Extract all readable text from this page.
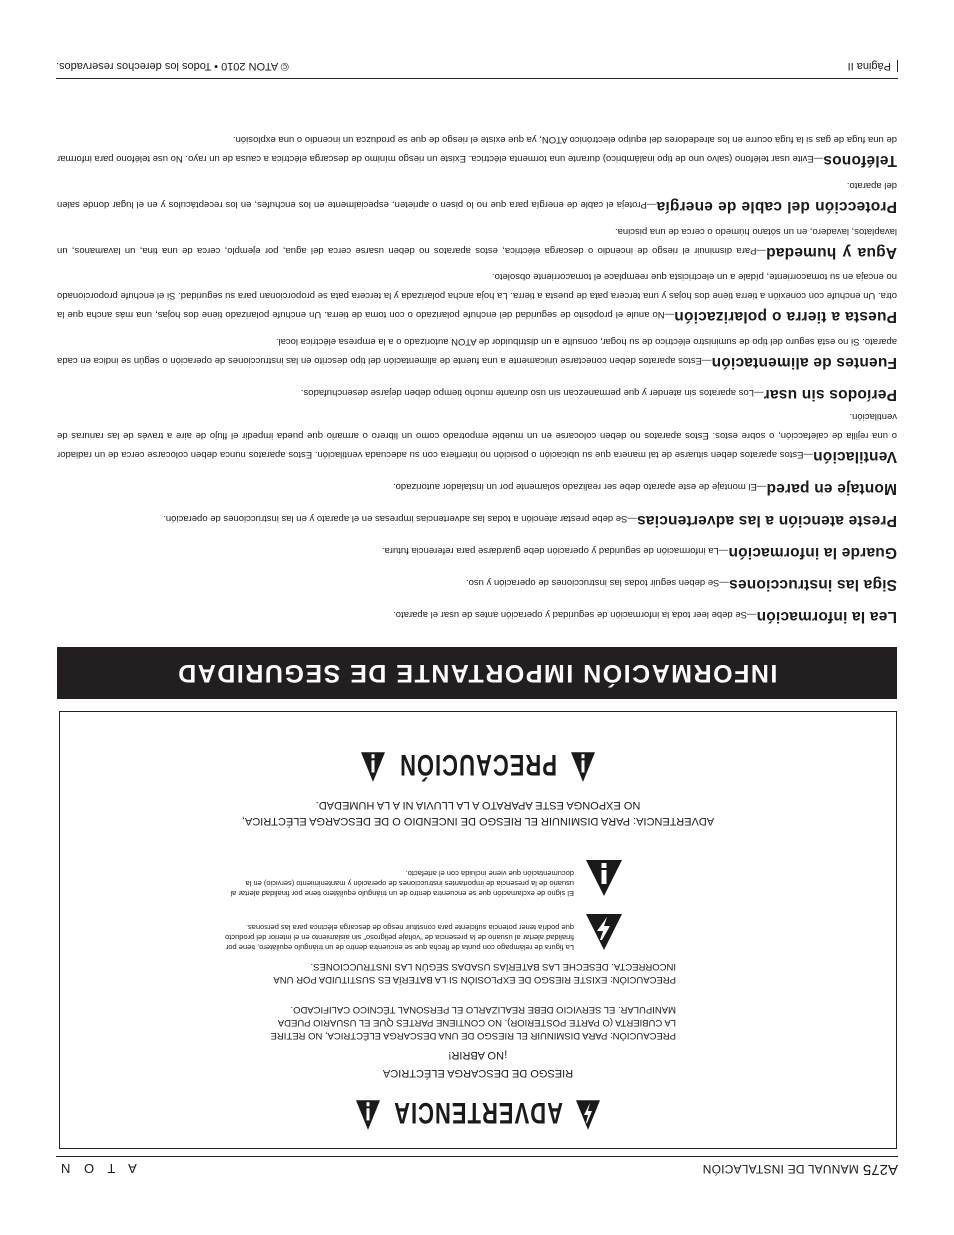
A275 MANUAL DE INSTALACIÓN
A T O N
ADVERTENCIA
RIESGO DE DESCARGA ELÉCTRICA
¡NO ABRIR!
PRECAUCIÓN: PARA DISMINUIR EL RIESGO DE UNA DESCARGA ELÉCTRICA, NO RETIRE
LA CUBIERTA (O PARTE POSTERIOR). NO CONTIENE PARTES QUE EL USUARIO PUEDA
MANIPULAR. EL SERVICIO DEBE REALIZARLO EL PERSONAL TÉCNICO CALIFICADO.
PRECAUCIÓN: EXISTE RIESGO DE EXPLOSIÓN SI LA BATERÍA ES SUSTITUIDA POR UNA
INCORRECTA. DESECHE LAS BATERÍAS USADAS SEGÚN LAS INSTRUCCIONES.

La figura de relámpago con punta de flecha que se encuentra dentro de un triángulo equilátero, tiene por
finalidad alertar al usuario de la presencia de “voltaje peligroso” sin aislamiento en el interior del producto
que podría tener potencia suficiente para constituir riesgo de descarga eléctrica para las personas.

El signo de exclamación que se encuentra dentro de un triángulo equilátero tiene por finalidad alertar al
usuario de la presencia de importantes instrucciones de operación y mantenimiento (servicio) en la
documentación que viene incluida con el artefacto.

ADVERTENCIA: PARA DISMINUIR EL RIESGO DE INCENDIO O DE DESCARGA ELÉCTRICA,
NO EXPONGA ESTE APARATO A LA LLUVIA NI A LA HUMEDAD.
PRECAUCIÓN
INFORMACIÓN IMPORTANTE DE SEGURIDAD

Lea la información—Se debe leer toda la información de seguridad y operación antes de usar el aparato.

Siga las instrucciones—Se deben seguir todas las instrucciones de operación y uso.

Guarde la información—La información de seguridad y operación debe guardarse para referencia futura.

Preste atención a las advertencias—Se debe prestar atención a todas las advertencias impresas en el aparato y en las instrucciones de operación.

Montaje en pared—El montaje de este aparato debe ser realizado solamente por un instalador autorizado.

Ventilación—Estos aparatos deben situarse de tal manera que su ubicación o posición no interfiera con su adecuada ventilación. Estos aparatos nunca deben colocarse cerca de un radiador o una rejilla de calefacción, o sobre estos. Estos aparatos no deben colocarse en un mueble empotrado como un librero o armario que pueda impedir el flujo de aire a través de las ranuras de ventilación.

Períodos sin usar—Los aparatos sin atender y que permanezcan sin uso durante mucho tiempo deben dejarse desenchufados.

Fuentes de alimentación—Estos aparatos deben conectarse únicamente a una fuente de alimentación del tipo descrito en las instrucciones de operación o según se indica en cada aparato. Si no está seguro del tipo de suministro eléctrico de su hogar, consulte a un distribuidor de ATON autorizado o a la empresa eléctrica local.

Puesta a tierra o polarización—No anule el propósito de seguridad del enchufe polarizado o con toma de tierra. Un enchufe polarizado tiene dos hojas, una más ancha que la otra. Un enchufe con conexión a tierra tiene dos hojas y una tercera pata de puesta a tierra. La hoja ancha polarizada y la tercera pata se proporcionan para su seguridad. Si el enchufe proporcionado no encaja en su tomacorriente, pídale a un electricista que reemplace el tomacorriente obsoleto.

Agua y humedad—Para disminuir el riesgo de incendio o descarga eléctrica, estos aparatos no deben usarse cerca del agua, por ejemplo, cerca de una tina, un lavamanos, un lavaplatos, lavadero, en un sótano húmedo o cerca de una piscina.

Protección del cable de energía—Proteja el cable de energía para que no lo pisen o aprieten, especialmente en los enchufes, en los receptáculos y en el lugar donde salen del aparato.

Teléfonos—Evite usar teléfono (salvo uno de tipo inalámbrico) durante una tormenta eléctrica. Existe un riesgo mínimo de descarga eléctrica a causa de un rayo. No use teléfono para informar de una fuga de gas si la fuga ocurre en los alrededores del equipo electrónico ATON, ya que existe el riesgo de que se produzca un incendio o una explosión.

© ATON 2010 • Todos los derechos reservados.	Página II
